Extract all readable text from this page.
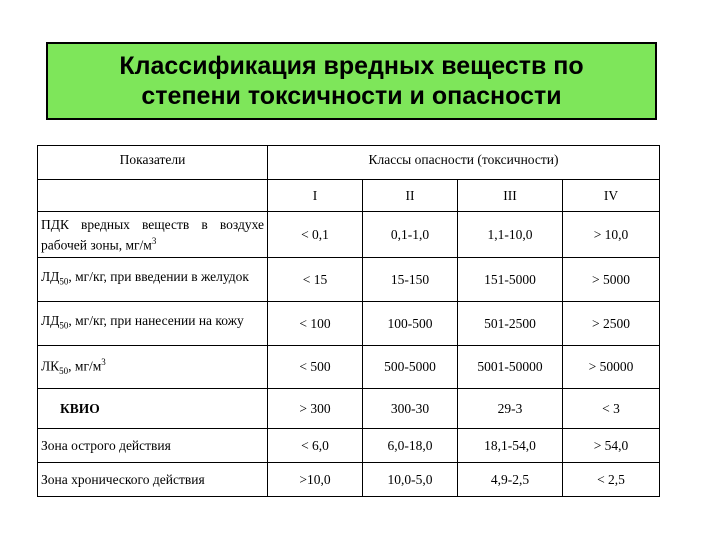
Классификация вредных веществ по
степени токсичности и опасности
Показатели	Классы опасности (токсичности)			
	I	II	III	IV
ПДК вредных веществ в воздухе рабочей зоны, $мг/м^3$	< 0,1	0,1-1,0	1,1-10,0	> 10,0
$ЛД_{50}$, мг/кг, при введении в желудок	< 15	15-150	151-5000	> 5000
$ЛД_{50}$, мг/кг, при нанесении на кожу	< 100	100-500	501-2500	> 2500
$ЛК_{50}$, $мг/м^3$	< 500	500-5000	5001-50000	> 50000
КВИО	> 300	300-30	29-3	< 3
Зона острого действия	< 6,0	6,0-18,0	18,1-54,0	> 54,0
Зона хронического действия	>10,0	10,0-5,0	4,9-2,5	< 2,5
